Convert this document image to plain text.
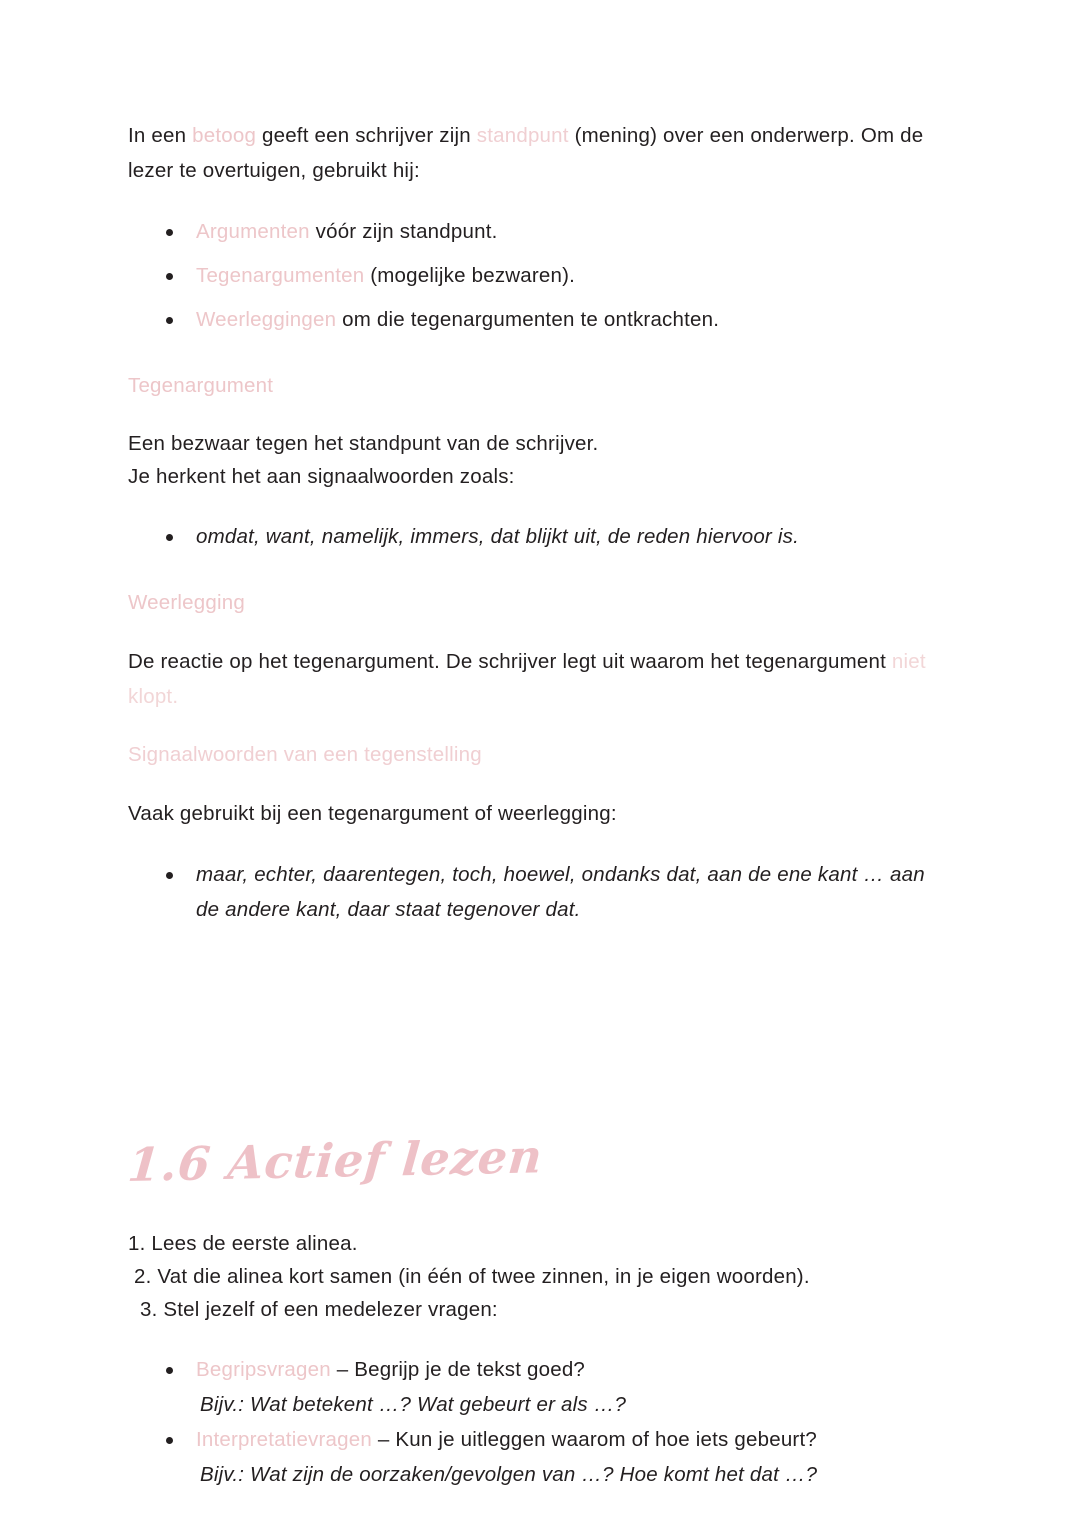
In een betoog geeft een schrijver zijn standpunt (mening) over een onderwerp. Om de lezer te overtuigen, gebruikt hij:

Argumenten vóór zijn standpunt.
Tegenargumenten (mogelijke bezwaren).
Weerleggingen om die tegenargumenten te ontkrachten.
Tegenargument

Een bezwaar tegen het standpunt van de schrijver.

Je herkent het aan signaalwoorden zoals:

omdat, want, namelijk, immers, dat blijkt uit, de reden hiervoor is.
Weerlegging

De reactie op het tegenargument. De schrijver legt uit waarom het tegenargument niet klopt.

Signaalwoorden van een tegenstelling

Vaak gebruikt bij een tegenargument of weerlegging:

maar, echter, daarentegen, toch, hoewel, ondanks dat, aan de ene kant … aan de andere kant, daar staat tegenover dat.
1.6 Actief lezen
1. Lees de eerste alinea.
2. Vat die alinea kort samen (in één of twee zinnen, in je eigen woorden).
3. Stel jezelf of een medelezer vragen:
Begripsvragen – Begrijp je de tekst goed?
Bijv.: Wat betekent …? Wat gebeurt er als …?
Interpretatievragen – Kun je uitleggen waarom of hoe iets gebeurt?
Bijv.: Wat zijn de oorzaken/gevolgen van …? Hoe komt het dat …?
